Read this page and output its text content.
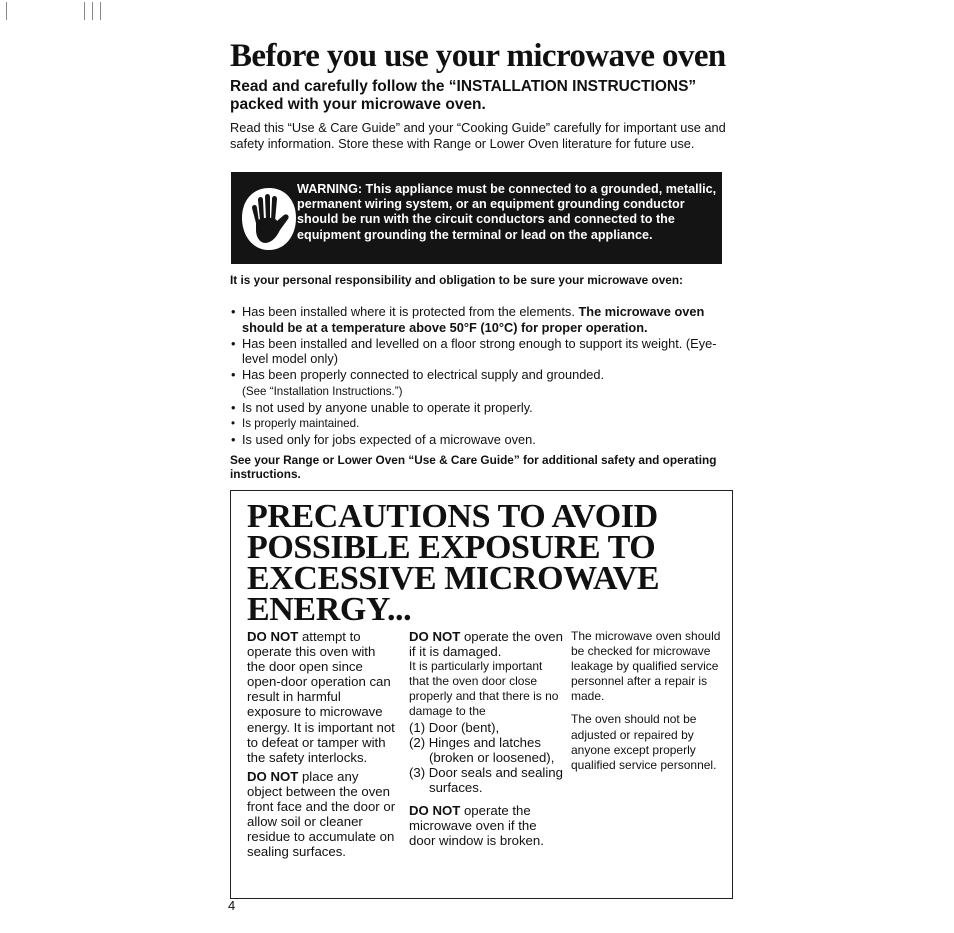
Before you use your microwave oven

Read and carefully follow the “INSTALLATION INSTRUCTIONS” packed with your microwave oven.

Read this “Use & Care Guide” and your “Cooking Guide” carefully for important use and safety information. Store these with Range or Lower Oven literature for future use.

WARNING: This appliance must be connected to a grounded, metallic, permanent wiring system, or an equipment grounding conductor should be run with the circuit conductors and connected to the equipment grounding the terminal or lead on the appliance.

It is your personal responsibility and obligation to be sure your microwave oven:

• Has been installed where it is protected from the elements. The microwave oven should be at a temperature above 50°F (10°C) for proper operation.
• Has been installed and levelled on a floor strong enough to support its weight. (Eye-level model only)
• Has been properly connected to electrical supply and grounded.
(See “Installation Instructions.”)
• Is not used by anyone unable to operate it properly.
• Is properly maintained.
• Is used only for jobs expected of a microwave oven.

See your Range or Lower Oven “Use & Care Guide” for additional safety and operating instructions.

PRECAUTIONS TO AVOID POSSIBLE EXPOSURE TO EXCESSIVE MICROWAVE ENERGY...

DO NOT attempt to operate this oven with the door open since open-door operation can result in harmful exposure to microwave energy. It is important not to defeat or tamper with the safety interlocks.

DO NOT place any object between the oven front face and the door or allow soil or cleaner residue to accumulate on sealing surfaces.

DO NOT operate the oven if it is damaged.

It is particularly important that the oven door close properly and that there is no damage to the

(1) Door (bent),
(2) Hinges and latches (broken or loosened),
(3) Door seals and sealing surfaces.

DO NOT operate the microwave oven if the door window is broken.

The microwave oven should be checked for microwave leakage by qualified service personnel after a repair is made.

The oven should not be adjusted or repaired by anyone except properly qualified service personnel.

4
